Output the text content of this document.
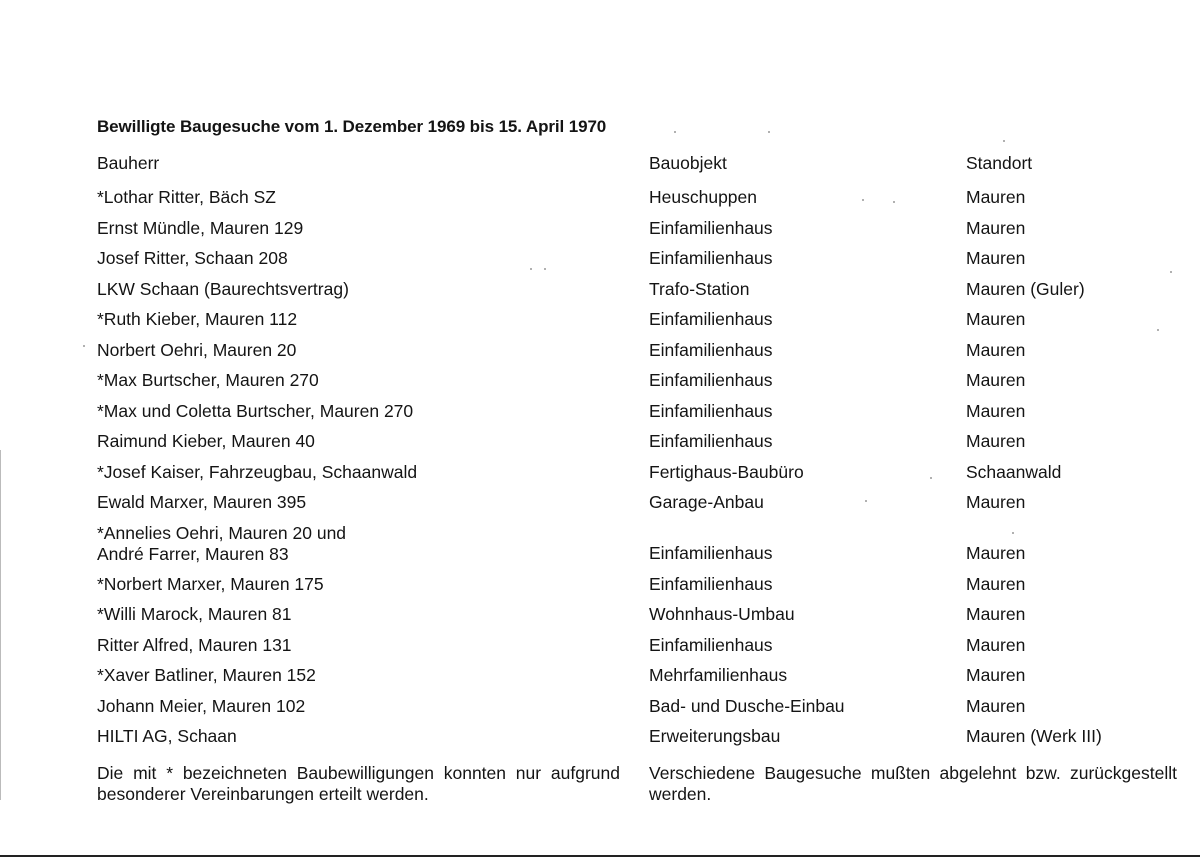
Bewilligte Baugesuche vom 1. Dezember 1969 bis 15. April 1970
Bauherr	Bauobjekt	Standort
*Lothar Ritter, Bäch SZ	Heuschuppen	Mauren
Ernst Mündle, Mauren 129	Einfamilienhaus	Mauren
Josef Ritter, Schaan 208	Einfamilienhaus	Mauren
LKW Schaan (Baurechtsvertrag)	Trafo-Station	Mauren (Guler)
*Ruth Kieber, Mauren 112	Einfamilienhaus	Mauren
Norbert Oehri, Mauren 20	Einfamilienhaus	Mauren
*Max Burtscher, Mauren 270	Einfamilienhaus	Mauren
*Max und Coletta Burtscher, Mauren 270	Einfamilienhaus	Mauren
Raimund Kieber, Mauren 40	Einfamilienhaus	Mauren
*Josef Kaiser, Fahrzeugbau, Schaanwald	Fertighaus-Baubüro	Schaanwald
Ewald Marxer, Mauren 395	Garage-Anbau	Mauren
*Annelies Oehri, Mauren 20 und
André Farrer, Mauren 83	Einfamilienhaus	Mauren
*Norbert Marxer, Mauren 175	Einfamilienhaus	Mauren
*Willi Marock, Mauren 81	Wohnhaus-Umbau	Mauren
Ritter Alfred, Mauren 131	Einfamilienhaus	Mauren
*Xaver Batliner, Mauren 152	Mehrfamilienhaus	Mauren
Johann Meier, Mauren 102	Bad- und Dusche-Einbau	Mauren
HILTI AG, Schaan	Erweiterungsbau	Mauren (Werk III)
Die mit * bezeichneten Baubewilligungen konnten nur aufgrund besonderer Vereinbarungen erteilt werden.
Verschiedene Baugesuche mußten abgelehnt bzw. zurückgestellt werden.
